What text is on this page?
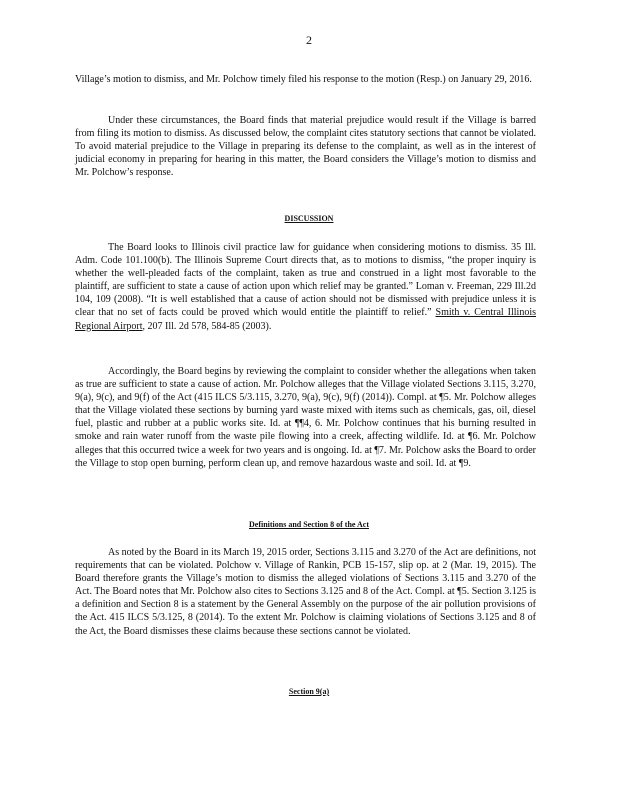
2

Village’s motion to dismiss, and Mr. Polchow timely filed his response to the motion (Resp.) on January 29, 2016.

Under these circumstances, the Board finds that material prejudice would result if the Village is barred from filing its motion to dismiss. As discussed below, the complaint cites statutory sections that cannot be violated. To avoid material prejudice to the Village in preparing its defense to the complaint, as well as in the interest of judicial economy in preparing for hearing in this matter, the Board considers the Village’s motion to dismiss and Mr. Polchow’s response.

DISCUSSION

The Board looks to Illinois civil practice law for guidance when considering motions to dismiss. 35 Ill. Adm. Code 101.100(b). The Illinois Supreme Court directs that, as to motions to dismiss, “the proper inquiry is whether the well-pleaded facts of the complaint, taken as true and construed in a light most favorable to the plaintiff, are sufficient to state a cause of action upon which relief may be granted.” Loman v. Freeman, 229 Ill.2d 104, 109 (2008). “It is well established that a cause of action should not be dismissed with prejudice unless it is clear that no set of facts could be proved which would entitle the plaintiff to relief.” Smith v. Central Illinois Regional Airport, 207 Ill. 2d 578, 584-85 (2003).

Accordingly, the Board begins by reviewing the complaint to consider whether the allegations when taken as true are sufficient to state a cause of action. Mr. Polchow alleges that the Village violated Sections 3.115, 3.270, 9(a), 9(c), and 9(f) of the Act (415 ILCS 5/3.115, 3.270, 9(a), 9(c), 9(f) (2014)). Compl. at ¶5. Mr. Polchow alleges that the Village violated these sections by burning yard waste mixed with items such as chemicals, gas, oil, diesel fuel, plastic and rubber at a public works site. Id. at ¶¶4, 6. Mr. Polchow continues that his burning resulted in smoke and rain water runoff from the waste pile flowing into a creek, affecting wildlife. Id. at ¶6. Mr. Polchow alleges that this occurred twice a week for two years and is ongoing. Id. at ¶7. Mr. Polchow asks the Board to order the Village to stop open burning, perform clean up, and remove hazardous waste and soil. Id. at ¶9.

Definitions and Section 8 of the Act

As noted by the Board in its March 19, 2015 order, Sections 3.115 and 3.270 of the Act are definitions, not requirements that can be violated. Polchow v. Village of Rankin, PCB 15-157, slip op. at 2 (Mar. 19, 2015). The Board therefore grants the Village’s motion to dismiss the alleged violations of Sections 3.115 and 3.270 of the Act. The Board notes that Mr. Polchow also cites to Sections 3.125 and 8 of the Act. Compl. at ¶5. Section 3.125 is a definition and Section 8 is a statement by the General Assembly on the purpose of the air pollution provisions of the Act. 415 ILCS 5/3.125, 8 (2014). To the extent Mr. Polchow is claiming violations of Sections 3.125 and 8 of the Act, the Board dismisses these claims because these sections cannot be violated.

Section 9(a)
